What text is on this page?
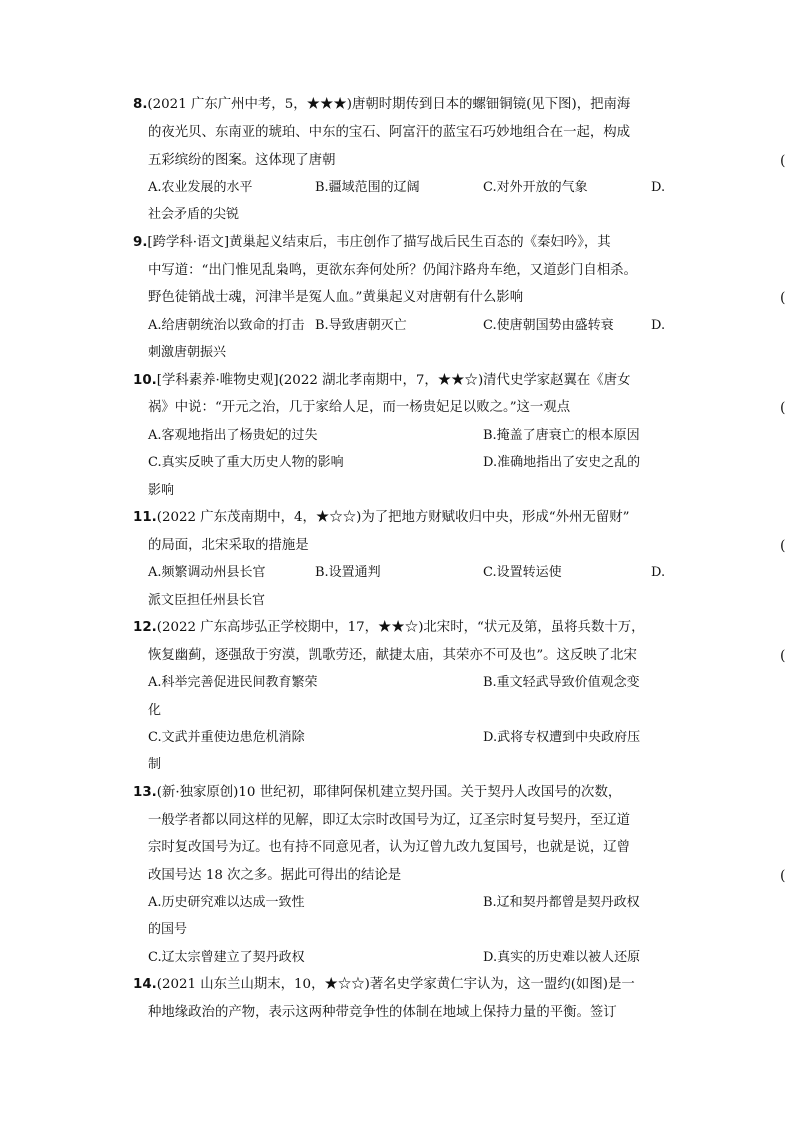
8.(2021 广东广州中考，5，★★★)唐朝时期传到日本的螺钿铜镜(见下图)，把南海
的夜光贝、东南亚的琥珀、中东的宝石、阿富汗的蓝宝石巧妙地组合在一起，构成
五彩缤纷的图案。这体现了唐朝	(
A.农业发展的水平	B.疆域范围的辽阔	C.对外开放的气象	D.
社会矛盾的尖锐
9.[跨学科·语文]黄巢起义结束后，韦庄创作了描写战后民生百态的《秦妇吟》，其
中写道：“出门惟见乱枭鸣，更欲东奔何处所？仍闻汴路舟车绝，又道彭门自相杀。
野色徒销战士魂，河津半是冤人血。”黄巢起义对唐朝有什么影响	(
A.给唐朝统治以致命的打击 B.导致唐朝灭亡	C.使唐朝国势由盛转衰	D.
刺激唐朝振兴
10.[学科素养·唯物史观](2022 湖北孝南期中，7，★★☆)清代史学家赵翼在《唐女
祸》中说：“开元之治，几于家给人足，而一杨贵妃足以败之。”这一观点	(
A.客观地指出了杨贵妃的过失	B.掩盖了唐衰亡的根本原因
C.真实反映了重大历史人物的影响	D.准确地指出了安史之乱的
影响
11.(2022 广东茂南期中，4，★☆☆)为了把地方财赋收归中央，形成“外州无留财”
的局面，北宋采取的措施是	(
A.频繁调动州县长官	B.设置通判	C.设置转运使	D.
派文臣担任州县长官
12.(2022 广东高埗弘正学校期中，17，★★☆)北宋时，“状元及第，虽将兵数十万，
恢复幽蓟，逐强敌于穷漠，凯歌劳还，献捷太庙，其荣亦不可及也”。这反映了北宋	(
A.科举完善促进民间教育繁荣	B.重文轻武导致价值观念变
化
C.文武并重使边患危机消除	D.武将专权遭到中央政府压
制
13.(新·独家原创)10 世纪初，耶律阿保机建立契丹国。关于契丹人改国号的次数，
一般学者都以同这样的见解，即辽太宗时改国号为辽，辽圣宗时复号契丹，至辽道
宗时复改国号为辽。也有持不同意见者，认为辽曾九改九复国号，也就是说，辽曾
改国号达 18 次之多。据此可得出的结论是	(
A.历史研究难以达成一致性	B.辽和契丹都曾是契丹政权
的国号
C.辽太宗曾建立了契丹政权	D.真实的历史难以被人还原
14.(2021 山东兰山期末，10，★☆☆)著名史学家黄仁宇认为，这一盟约(如图)是一
种地缘政治的产物，表示这两种带竞争性的体制在地域上保持力量的平衡。签订
